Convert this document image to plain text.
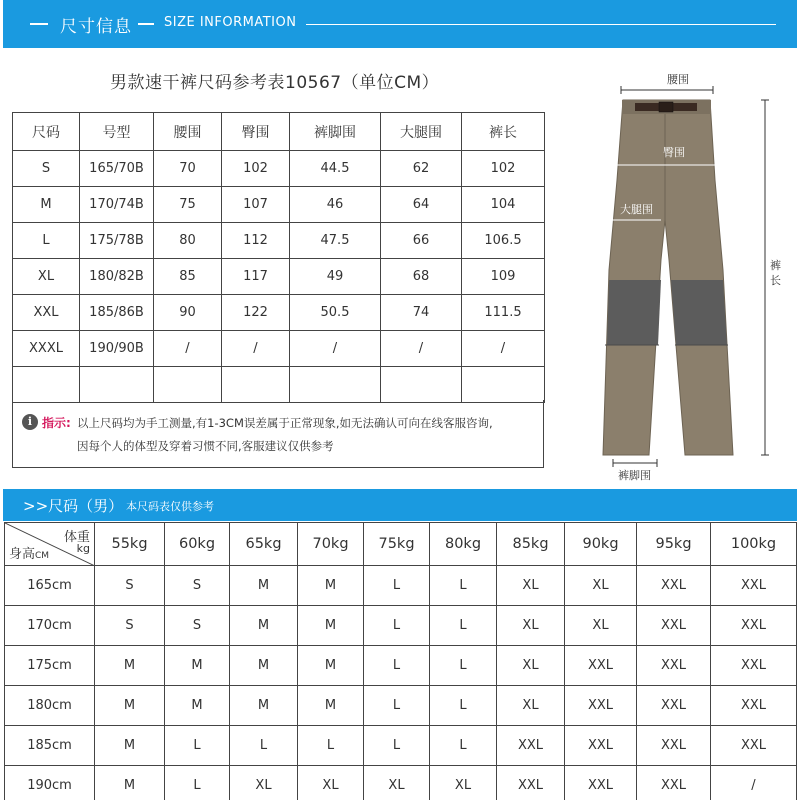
尺寸信息 SIZE INFORMATION
男款速干裤尺码参考表10567（单位CM）
尺码	号型	腰围	臀围	裤脚围	大腿围	裤长
S	165/70B	70	102	44.5	62	102
M	170/74B	75	107	46	64	104
L	175/78B	80	112	47.5	66	106.5
XL	180/82B	85	117	49	68	109
XXL	185/86B	90	122	50.5	74	111.5
XXXL	190/90B	/	/	/	/	/

i 指示: 以上尺码均为手工测量,有1-3CM误差属于正常现象,如无法确认可向在线客服咨询,
因每个人的体型及穿着习惯不同,客服建议仅供参考
腰围
臀围
大腿围
裤
长
裤脚围
>>尺码（男） 本尺码表仅供参考
体重
kg
身高CM	55kg	60kg	65kg	70kg	75kg	80kg	85kg	90kg	95kg	100kg
165cm	S	S	M	M	L	L	XL	XL	XXL	XXL
170cm	S	S	M	M	L	L	XL	XL	XXL	XXL
175cm	M	M	M	M	L	L	XL	XXL	XXL	XXL
180cm	M	M	M	M	L	L	XL	XXL	XXL	XXL
185cm	M	L	L	L	L	L	XXL	XXL	XXL	XXL
190cm	M	L	XL	XL	XL	XL	XXL	XXL	XXL	/
